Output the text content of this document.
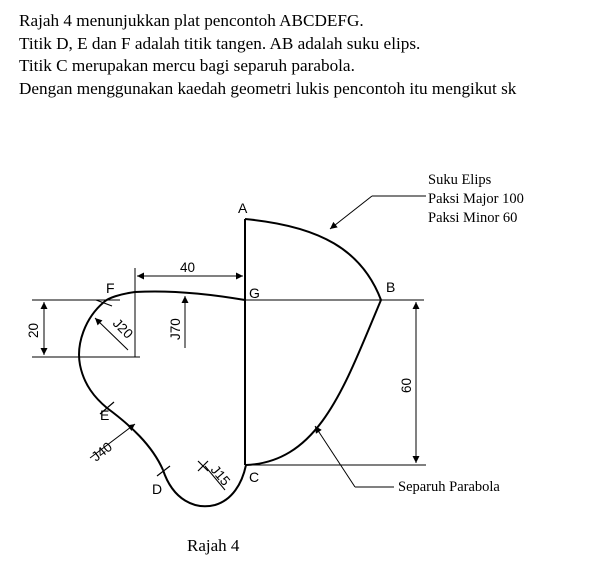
Rajah 4 menunjukkan plat pencontoh ABCDEFG.
Titik D, E dan F adalah titik tangen. AB adalah suku elips.
Titik C merupakan mercu bagi separuh parabola.
Dengan menggunakan kaedah geometri lukis pencontoh itu mengikut sk
A
B
C
D
E
F	G
40
20	J70
J20
60
J40
J15
Suku Elips
Paksi Major 100
Paksi Minor 60
Separuh Parabola
Rajah 4
